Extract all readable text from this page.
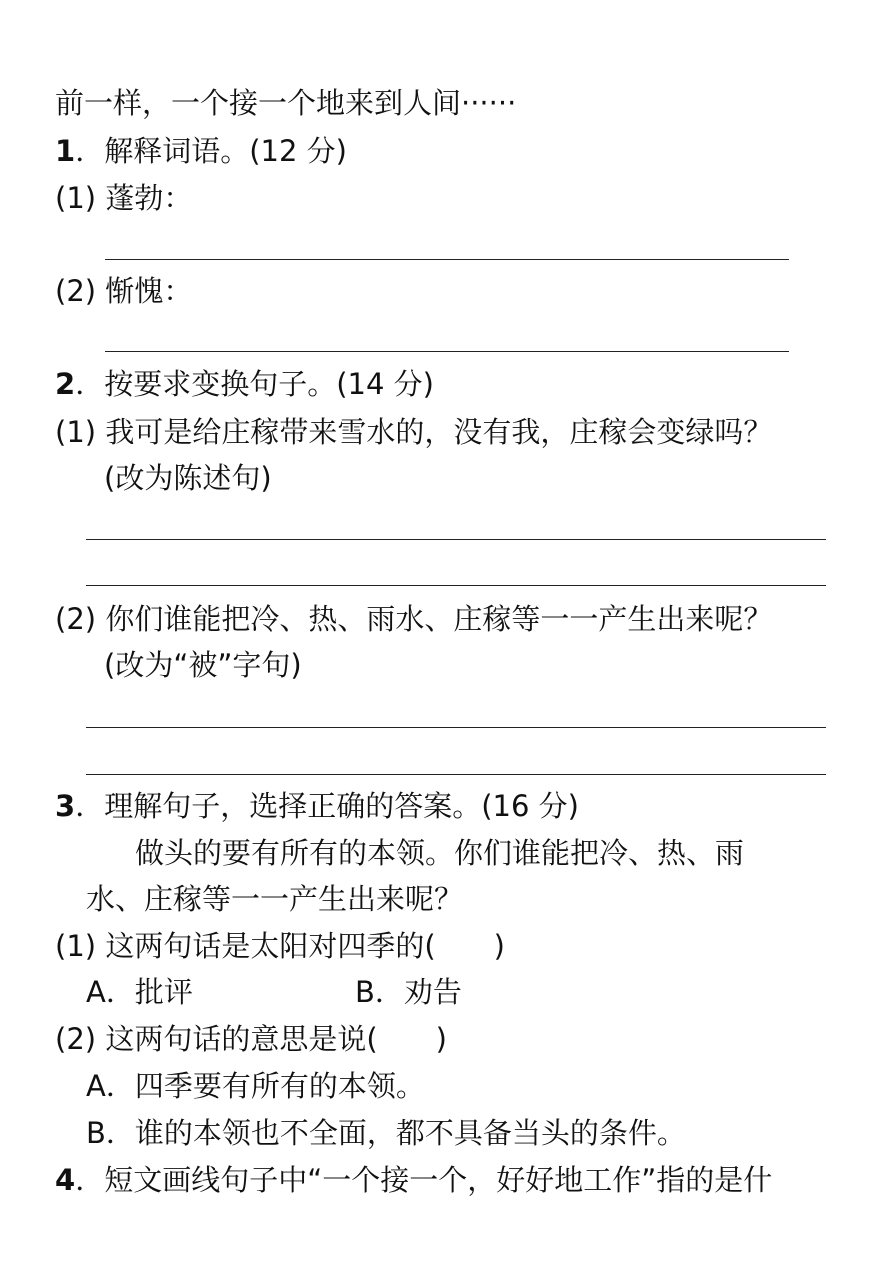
前一样，一个接一个地来到人间······
1．解释词语。(12 分)
(1) 蓬勃：
(2) 惭愧：
2．按要求变换句子。(14 分)
(1) 我可是给庄稼带来雪水的，没有我，庄稼会变绿吗？
(改为陈述句)
(2) 你们谁能把冷、热、雨水、庄稼等一一产生出来呢？
(改为“被”字句)
3．理解句子，选择正确的答案。(16 分)
做头的要有所有的本领。你们谁能把冷、热、雨
水、庄稼等一一产生出来呢？
(1) 这两句话是太阳对四季的(　　)
A．批评	B．劝告
(2) 这两句话的意思是说(　　)
A．四季要有所有的本领。
B．谁的本领也不全面，都不具备当头的条件。
4．短文画线句子中“一个接一个，好好地工作”指的是什
